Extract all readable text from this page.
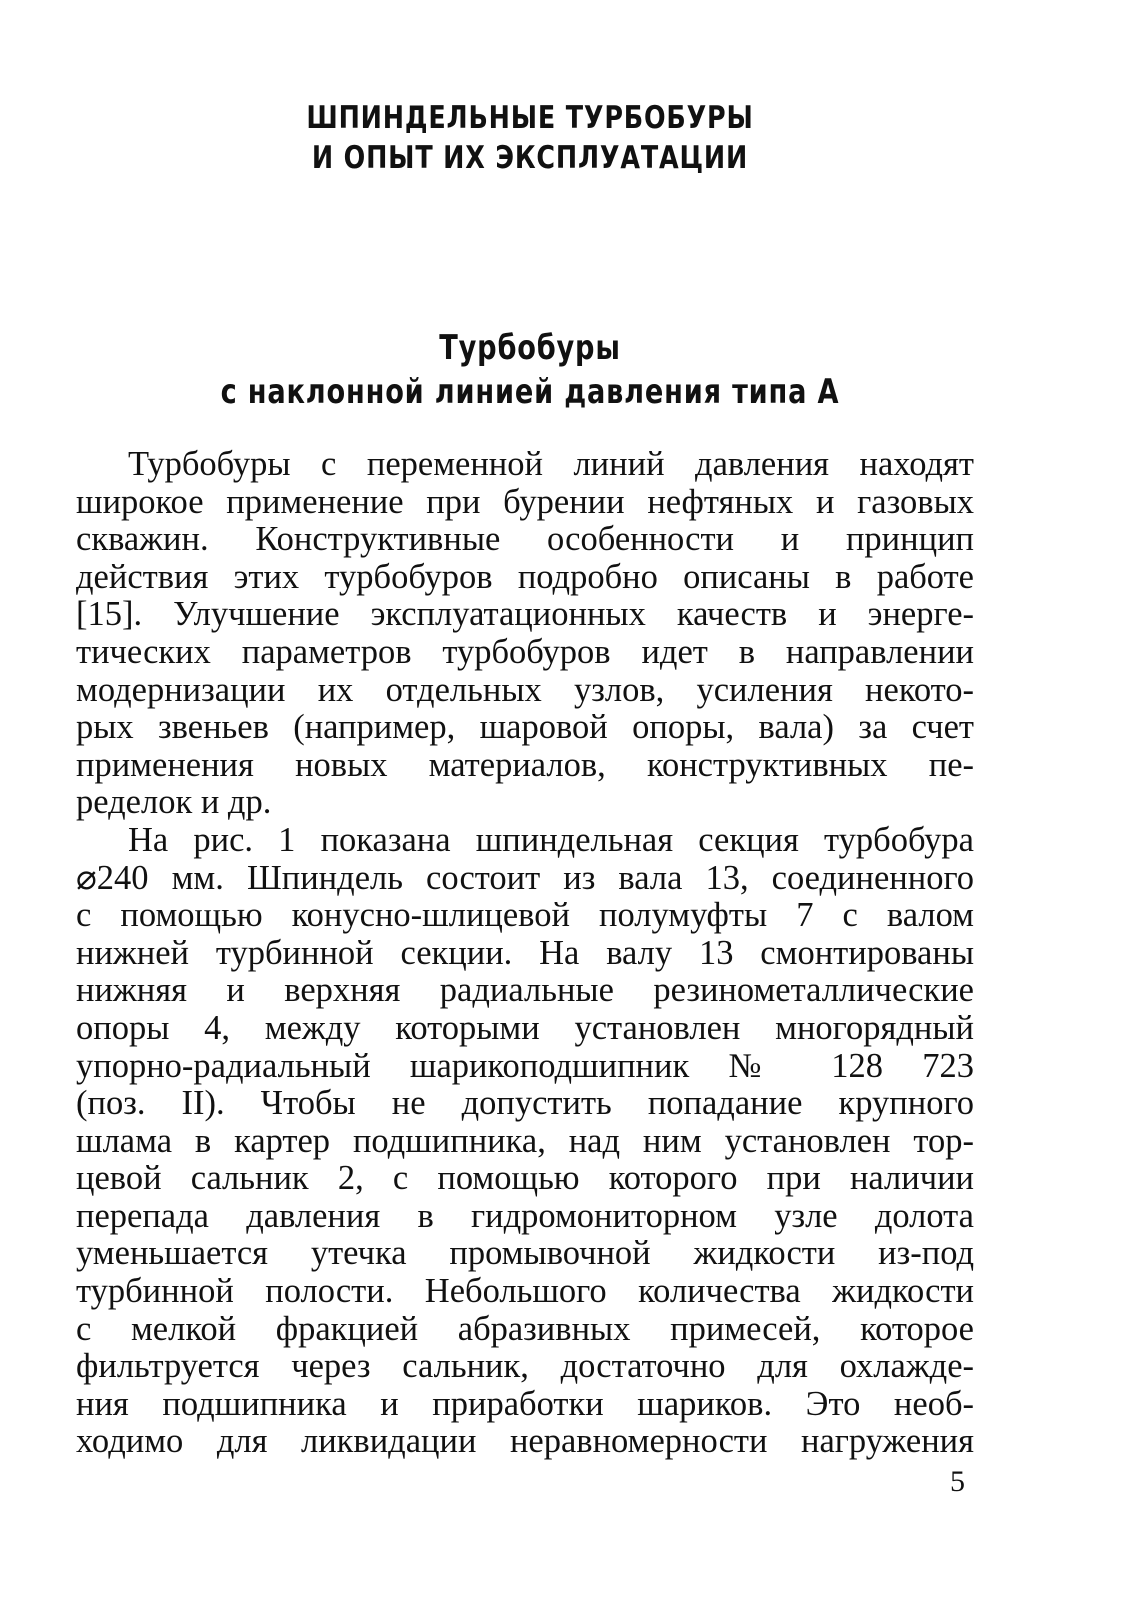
ШПИНДЕЛЬНЫЕ ТУРБОБУРЫ
И ОПЫТ ИХ ЭКСПЛУАТАЦИИ
Турбобуры
с наклонной линией давления типа А
Турбобуры с переменной линий давления находят
широкое применение при бурении нефтяных и газовых
скважин. Конструктивные особенности и принцип
действия этих турбобуров подробно описаны в работе
[15]. Улучшение эксплуатационных качеств и энерге-
тических параметров турбобуров идет в направлении
модернизации их отдельных узлов, усиления некото-
рых звеньев (например, шаровой опоры, вала) за счет
применения новых материалов, конструктивных пе-
ределок и др.
На рис. 1 показана шпиндельная секция турбобура
⌀240 мм. Шпиндель состоит из вала 13, соединенного
с помощью конусно-шлицевой полумуфты 7 с валом
нижней турбинной секции. На валу 13 смонтированы
нижняя и верхняя радиальные резинометаллические
опоры 4, между которыми установлен многорядный
упорно-радиальный шарикоподшипник № 128 723
(поз. II). Чтобы не допустить попадание крупного
шлама в картер подшипника, над ним установлен тор-
цевой сальник 2, с помощью которого при наличии
перепада давления в гидромониторном узле долота
уменьшается утечка промывочной жидкости из-под
турбинной полости. Небольшого количества жидкости
с мелкой фракцией абразивных примесей, которое
фильтруется через сальник, достаточно для охлажде-
ния подшипника и приработки шариков. Это необ-
ходимо для ликвидации неравномерности нагружения
5
